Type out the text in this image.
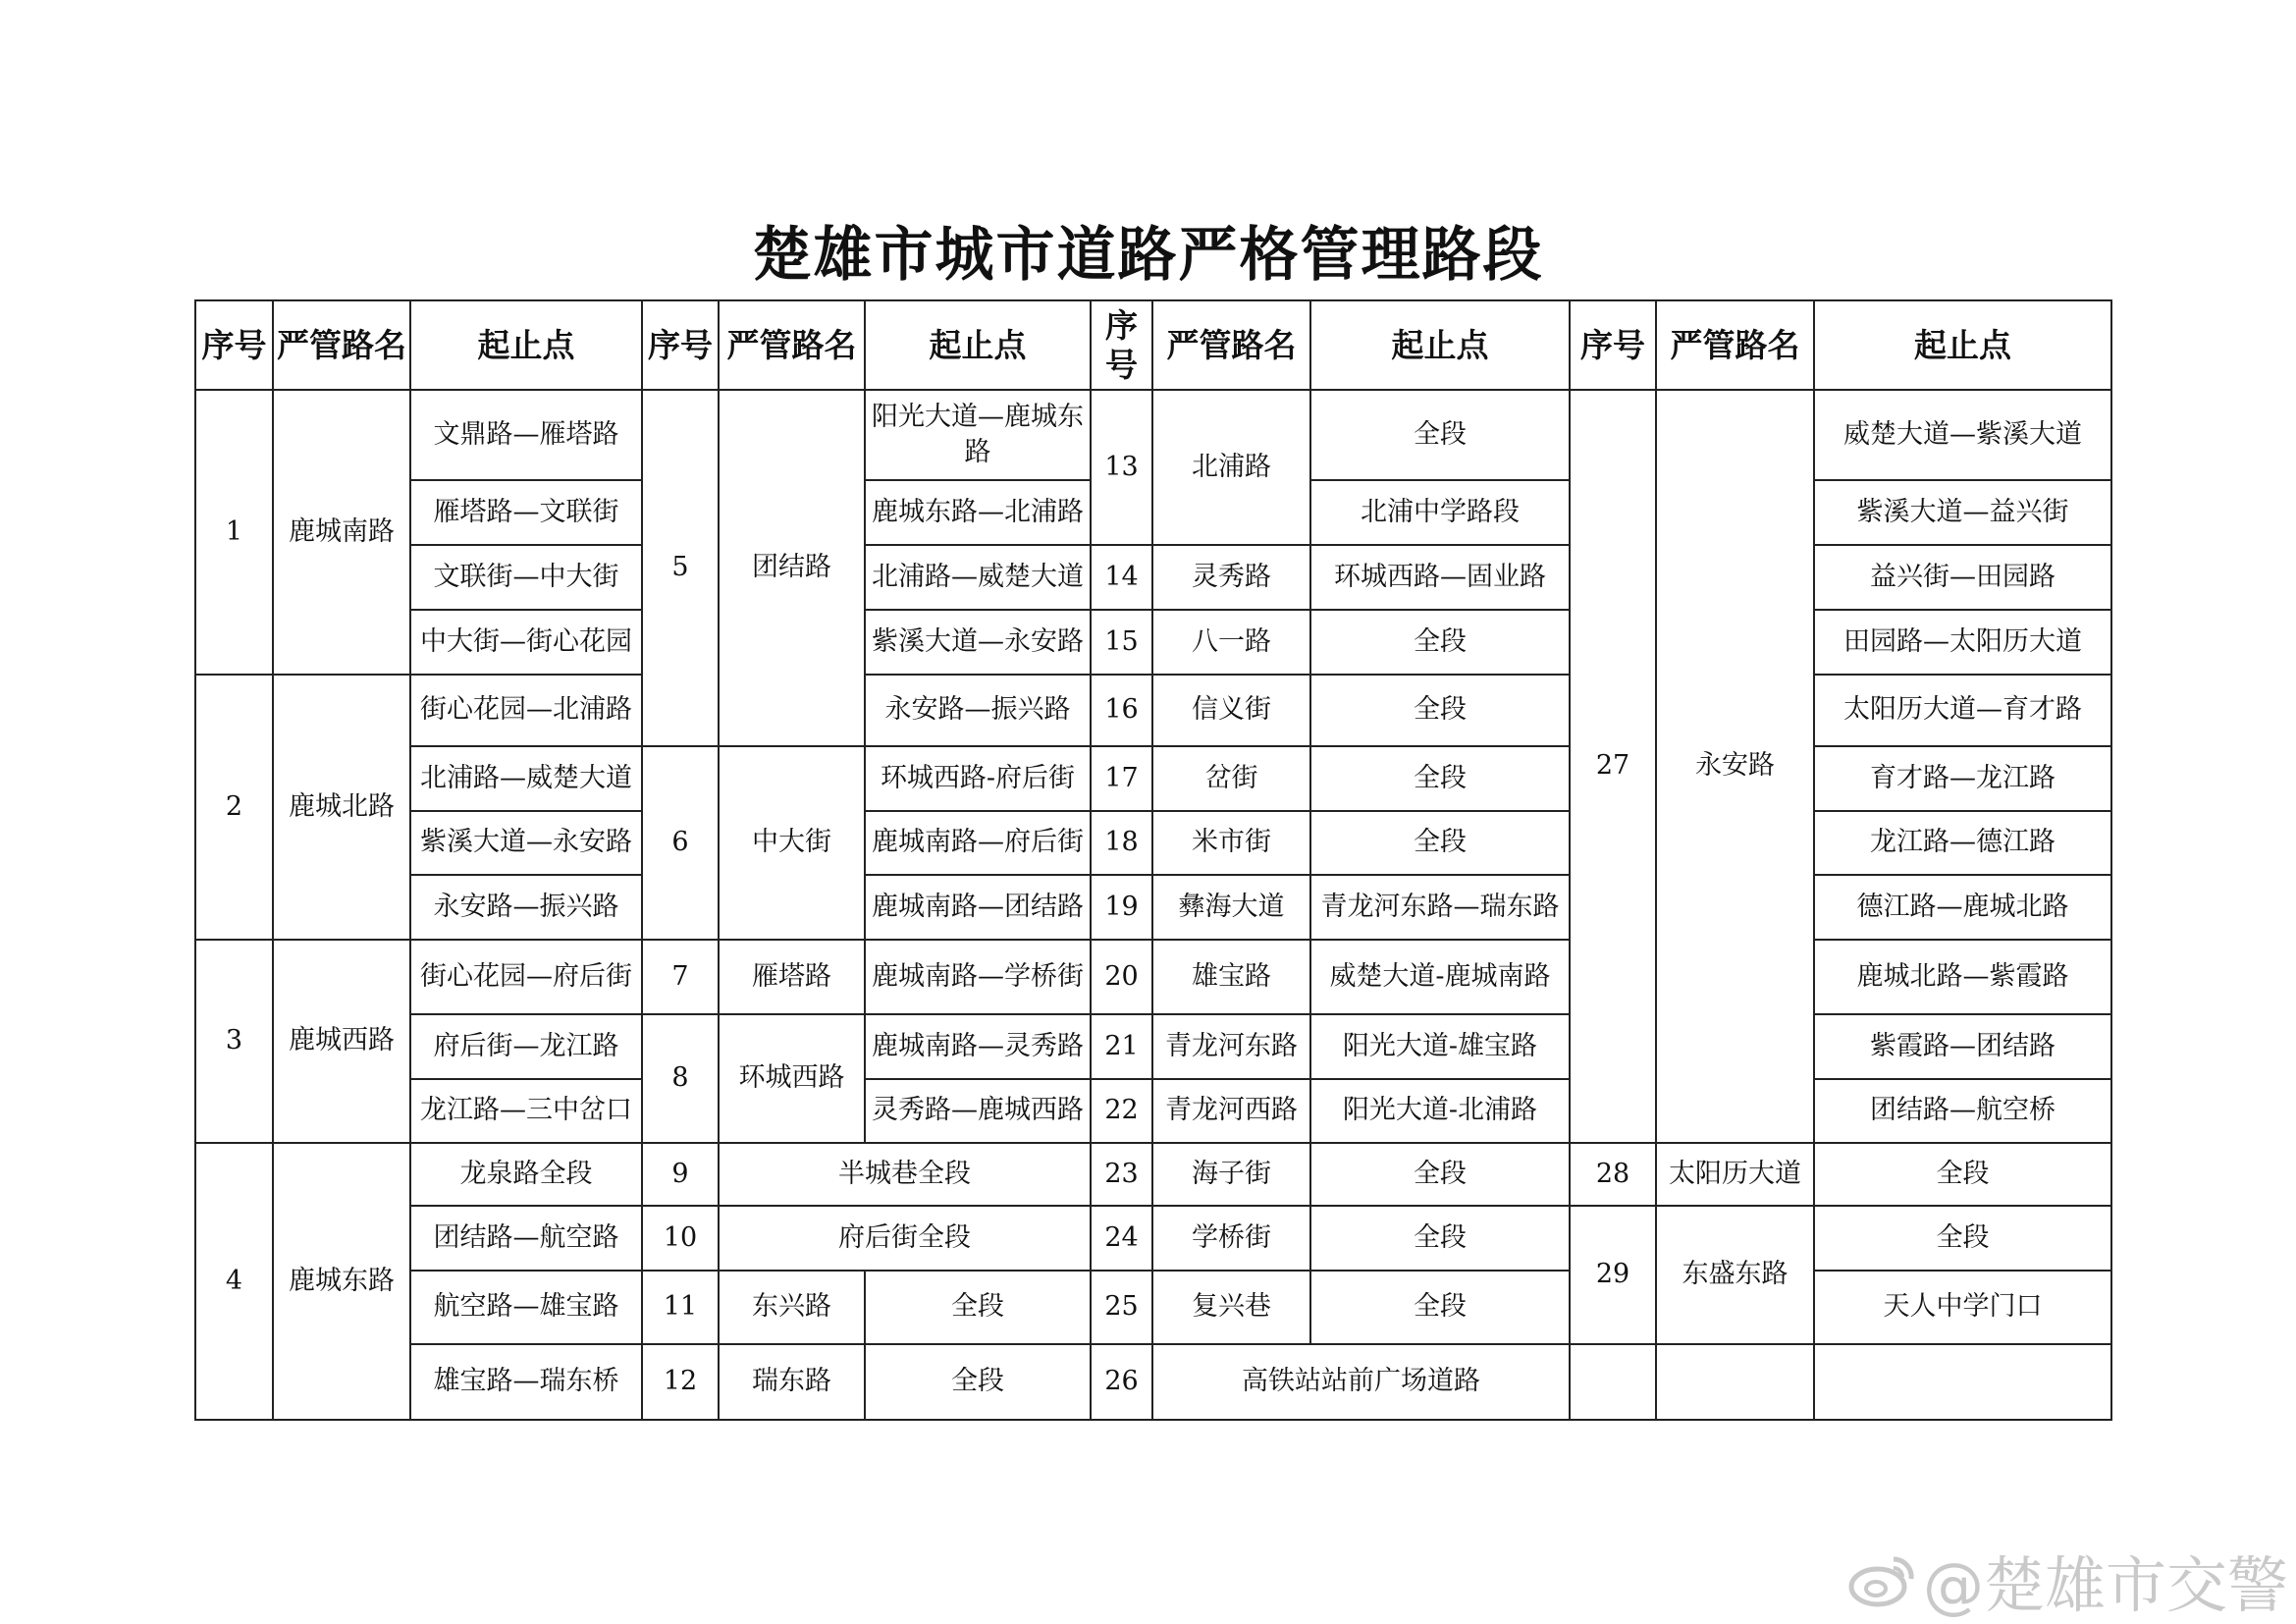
楚雄市城市道路严格管理路段
序号	严管路名	起止点	序号	严管路名	起止点	序号	严管路名	起止点	序号	严管路名	起止点
1	鹿城南路	文鼎路—雁塔路	5	团结路	阳光大道—鹿城东路	13	北浦路	全段	27	永安路	威楚大道—紫溪大道
		雁塔路—文联街			鹿城东路—北浦路			北浦中学路段			紫溪大道—益兴街
		文联街—中大街			北浦路—威楚大道	14	灵秀路	环城西路—固业路			益兴街—田园路
		中大街—街心花园			紫溪大道—永安路	15	八一路	全段			田园路—太阳历大道
2	鹿城北路	街心花园—北浦路			永安路—振兴路	16	信义街	全段			太阳历大道—育才路
		北浦路—威楚大道	6	中大街	环城西路-府后街	17	岔街	全段			育才路—龙江路
		紫溪大道—永安路			鹿城南路—府后街	18	米市街	全段			龙江路—德江路
		永安路—振兴路			鹿城南路—团结路	19	彝海大道	青龙河东路—瑞东路			德江路—鹿城北路
3	鹿城西路	街心花园—府后街	7	雁塔路	鹿城南路—学桥街	20	雄宝路	威楚大道-鹿城南路			鹿城北路—紫霞路
		府后街—龙江路	8	环城西路	鹿城南路—灵秀路	21	青龙河东路	阳光大道-雄宝路			紫霞路—团结路
		龙江路—三中岔口			灵秀路—鹿城西路	22	青龙河西路	阳光大道-北浦路			团结路—航空桥
4	鹿城东路	龙泉路全段	9	半城巷全段		23	海子街	全段	28	太阳历大道	全段
		团结路—航空路	10	府后街全段		24	学桥街	全段	29	东盛东路	全段
		航空路—雄宝路	11	东兴路	全段	25	复兴巷	全段			天人中学门口
		雄宝路—瑞东桥	12	瑞东路	全段	26	高铁站站前广场道路				
@楚雄市交警
